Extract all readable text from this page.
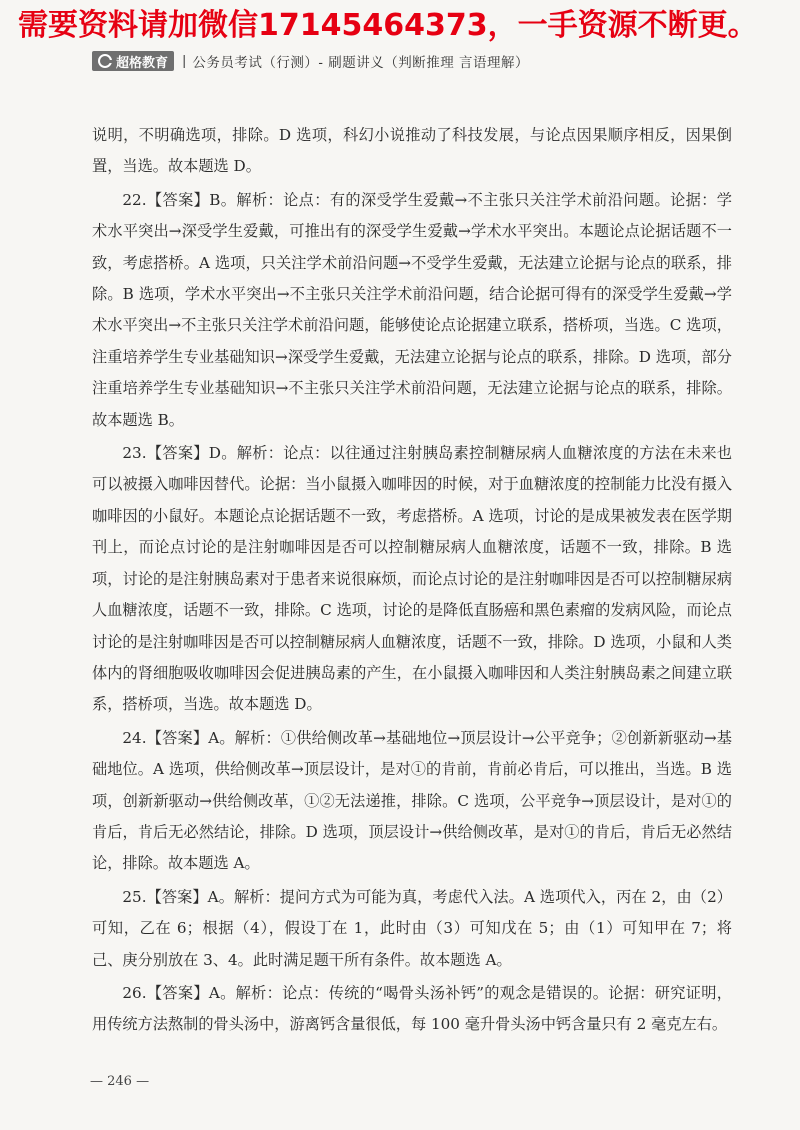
需要资料请加微信17145464373，一手资源不断更。
超格教育 | 公务员考试（行测）- 刷题讲义（判断推理 言语理解）

说明，不明确选项，排除。D 选项，科幻小说推动了科技发展，与论点因果顺序相反，因果倒置，当选。故本题选 D。

22.【答案】B。解析：论点：有的深受学生爱戴→不主张只关注学术前沿问题。论据：学术水平突出→深受学生爱戴，可推出有的深受学生爱戴→学术水平突出。本题论点论据话题不一致，考虑搭桥。A 选项，只关注学术前沿问题→不受学生爱戴，无法建立论据与论点的联系，排除。B 选项，学术水平突出→不主张只关注学术前沿问题，结合论据可得有的深受学生爱戴→学术水平突出→不主张只关注学术前沿问题，能够使论点论据建立联系，搭桥项，当选。C 选项，注重培养学生专业基础知识→深受学生爱戴，无法建立论据与论点的联系，排除。D 选项，部分注重培养学生专业基础知识→不主张只关注学术前沿问题，无法建立论据与论点的联系，排除。故本题选 B。

23.【答案】D。解析：论点：以往通过注射胰岛素控制糖尿病人血糖浓度的方法在未来也可以被摄入咖啡因替代。论据：当小鼠摄入咖啡因的时候，对于血糖浓度的控制能力比没有摄入咖啡因的小鼠好。本题论点论据话题不一致，考虑搭桥。A 选项，讨论的是成果被发表在医学期刊上，而论点讨论的是注射咖啡因是否可以控制糖尿病人血糖浓度，话题不一致，排除。B 选项，讨论的是注射胰岛素对于患者来说很麻烦，而论点讨论的是注射咖啡因是否可以控制糖尿病人血糖浓度，话题不一致，排除。C 选项，讨论的是降低直肠癌和黑色素瘤的发病风险，而论点讨论的是注射咖啡因是否可以控制糖尿病人血糖浓度，话题不一致，排除。D 选项，小鼠和人类体内的肾细胞吸收咖啡因会促进胰岛素的产生，在小鼠摄入咖啡因和人类注射胰岛素之间建立联系，搭桥项，当选。故本题选 D。

24.【答案】A。解析：①供给侧改革→基础地位→顶层设计→公平竞争；②创新新驱动→基础地位。A 选项，供给侧改革→顶层设计，是对①的肯前，肯前必肯后，可以推出，当选。B 选项，创新新驱动→供给侧改革，①②无法递推，排除。C 选项，公平竞争→顶层设计，是对①的肯后，肯后无必然结论，排除。D 选项，顶层设计→供给侧改革，是对①的肯后，肯后无必然结论，排除。故本题选 A。

25.【答案】A。解析：提问方式为可能为真，考虑代入法。A 选项代入，丙在 2，由（2）可知，乙在 6；根据（4），假设丁在 1，此时由（3）可知戊在 5；由（1）可知甲在 7；将己、庚分别放在 3、4。此时满足题干所有条件。故本题选 A。

26.【答案】A。解析：论点：传统的“喝骨头汤补钙”的观念是错误的。论据：研究证明，用传统方法熬制的骨头汤中，游离钙含量很低，每 100 毫升骨头汤中钙含量只有 2 毫克左右。

— 246 —
